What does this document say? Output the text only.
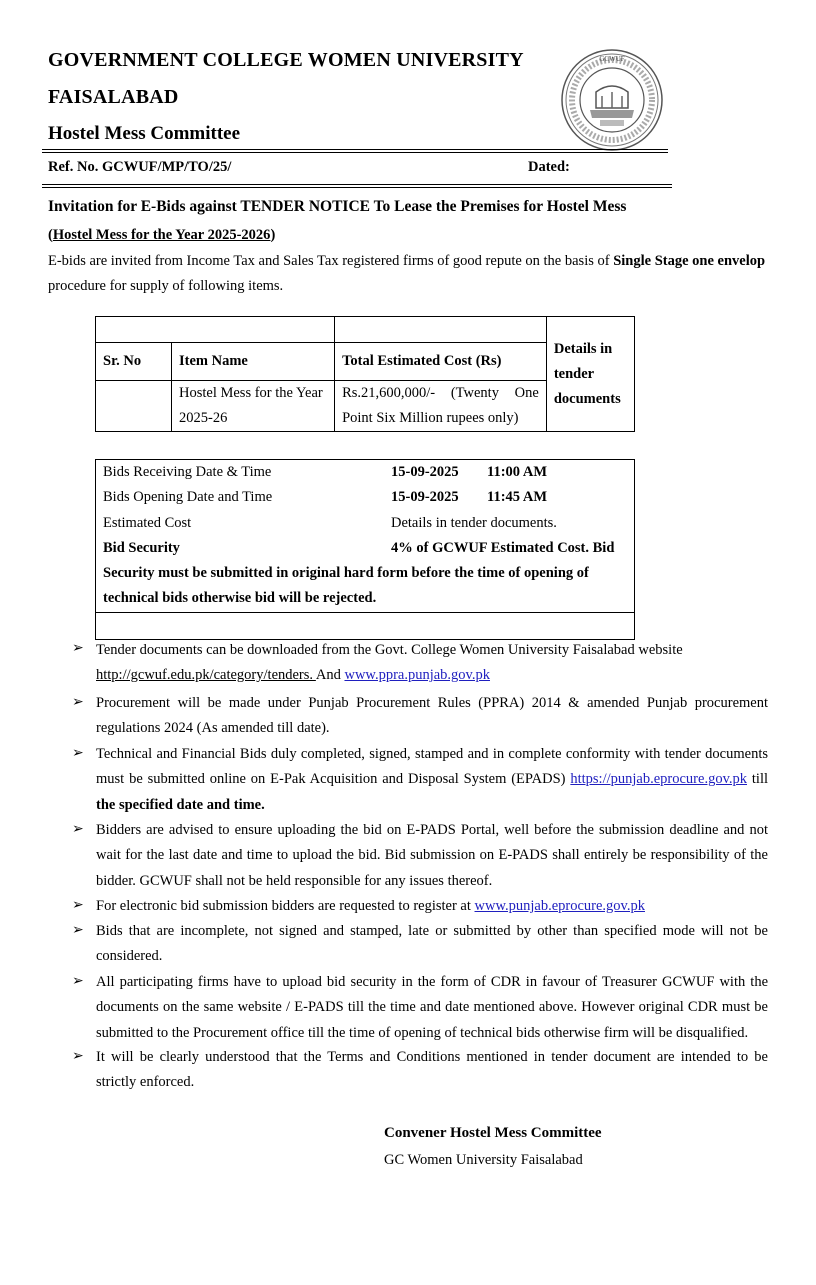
GOVERNMENT COLLEGE WOMEN UNIVERSITY
FAISALABAD
Hostel Mess Committee
GCWUF
Ref. No. GCWUF/MP/TO/25/	Dated:
Invitation for E-Bids against TENDER NOTICE To Lease the Premises for Hostel Mess
(Hostel Mess for the Year 2025-2026)
E-bids are invited from Income Tax and Sales Tax registered firms of good repute on the basis of Single Stage one envelop procedure for supply of following items.
			Details in tender documents
Sr. No	Item Name	Total Estimated Cost (Rs)	
	Hostel Mess for the Year 2025-26	Rs.21,600,000/-   (Twenty   One Point Six Million rupees only)	
Bids Receiving Date & Time	15-09-2025 11:00 AM
Bids Opening Date and Time	15-09-2025 11:45 AM
Estimated Cost	Details in tender documents.
Bid Security	4% of GCWUF Estimated Cost. Bid
Security must be submitted in original hard form before the time of opening of
technical bids otherwise bid will be rejected.
➢ Tender documents can be downloaded from the Govt. College Women University Faisalabad website
http://gcwuf.edu.pk/category/tenders. And www.ppra.punjab.gov.pk
➢ Procurement will be made under Punjab Procurement Rules (PPRA) 2014 & amended Punjab procurement regulations 2024 (As amended till date).
➢ Technical and Financial Bids duly completed, signed, stamped and in complete conformity with tender documents must be submitted online on E-Pak Acquisition and Disposal System (EPADS) https://punjab.eprocure.gov.pk till the specified date and time.
➢ Bidders are advised to ensure uploading the bid on E-PADS Portal, well before the submission deadline and not wait for the last date and time to upload the bid. Bid submission on E-PADS shall entirely be responsibility of the bidder. GCWUF shall not be held responsible for any issues thereof.
➢ For electronic bid submission bidders are requested to register at www.punjab.eprocure.gov.pk
➢ Bids that are incomplete, not signed and stamped, late or submitted by other than specified mode will not be considered.
➢ All participating firms have to upload bid security in the form of CDR in favour of Treasurer GCWUF with the documents on the same website / E-PADS till the time and date mentioned above. However original CDR must be submitted to the Procurement office till the time of opening of technical bids otherwise firm will be disqualified.
➢ It will be clearly understood that the Terms and Conditions mentioned in tender document are intended to be strictly enforced.
Convener Hostel Mess Committee
GC Women University Faisalabad
